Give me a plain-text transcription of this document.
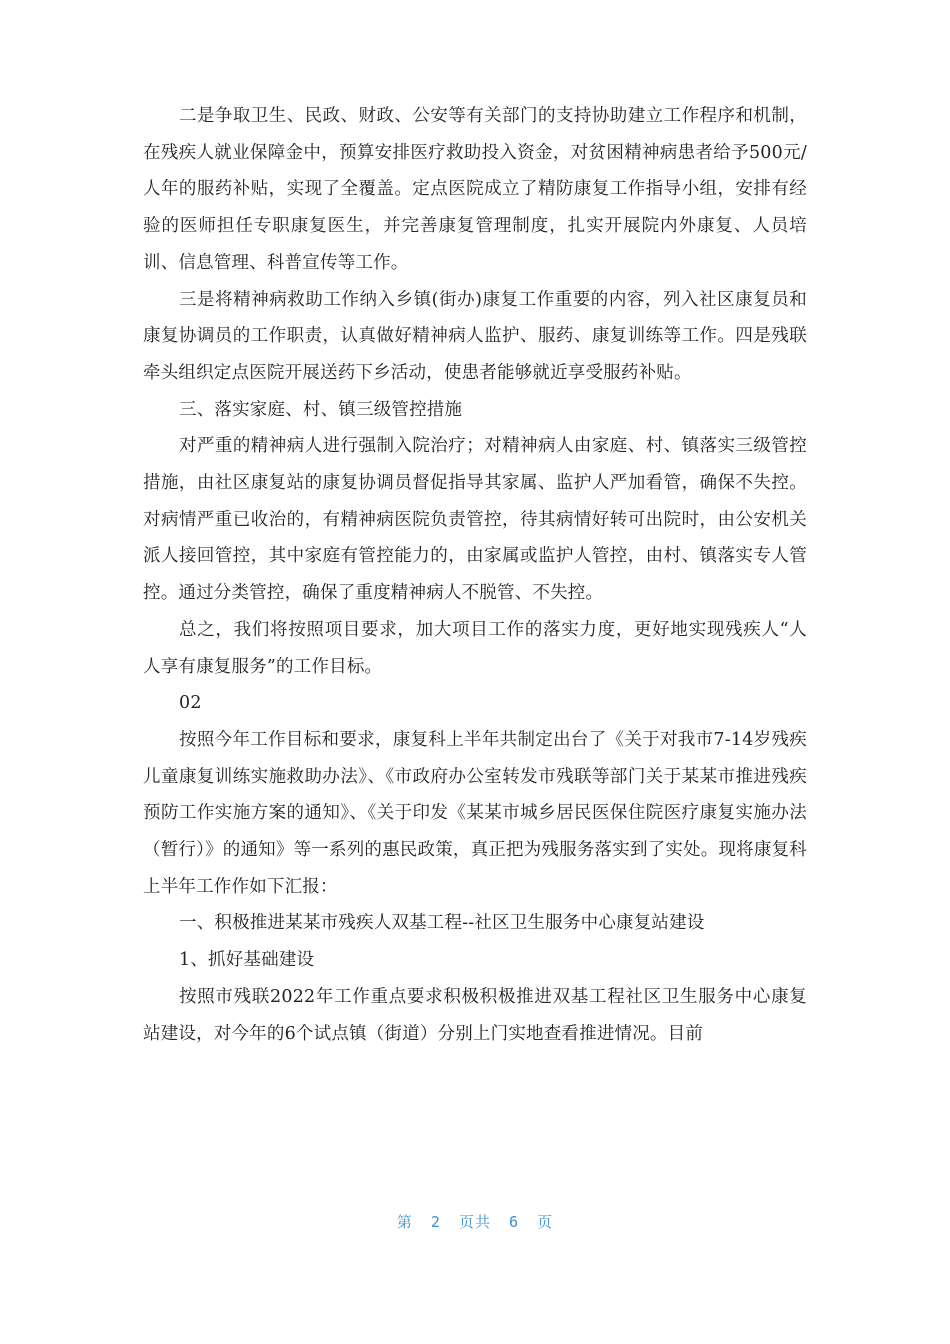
二是争取卫生、民政、财政、公安等有关部门的支持协助建立工作程序和机制，在残疾人就业保障金中，预算安排医疗救助投入资金，对贫困精神病患者给予500元/人年的服药补贴，实现了全覆盖。定点医院成立了精防康复工作指导小组，安排有经验的医师担任专职康复医生，并完善康复管理制度，扎实开展院内外康复、人员培训、信息管理、科普宣传等工作。

三是将精神病救助工作纳入乡镇(街办)康复工作重要的内容，列入社区康复员和康复协调员的工作职责，认真做好精神病人监护、服药、康复训练等工作。四是残联牵头组织定点医院开展送药下乡活动，使患者能够就近享受服药补贴。

三、落实家庭、村、镇三级管控措施

对严重的精神病人进行强制入院治疗；对精神病人由家庭、村、镇落实三级管控措施，由社区康复站的康复协调员督促指导其家属、监护人严加看管，确保不失控。对病情严重已收治的，有精神病医院负责管控，待其病情好转可出院时，由公安机关派人接回管控，其中家庭有管控能力的，由家属或监护人管控，由村、镇落实专人管控。通过分类管控，确保了重度精神病人不脱管、不失控。

总之，我们将按照项目要求，加大项目工作的落实力度，更好地实现残疾人“人人享有康复服务”的工作目标。

02

按照今年工作目标和要求，康复科上半年共制定出台了《关于对我市7-14岁残疾儿童康复训练实施救助办法》、《市政府办公室转发市残联等部门关于某某市推进残疾预防工作实施方案的通知》、《关于印发《某某市城乡居民医保住院医疗康复实施办法（暂行）》的通知》等一系列的惠民政策，真正把为残服务落实到了实处。现将康复科上半年工作作如下汇报：

一、积极推进某某市残疾人双基工程--社区卫生服务中心康复站建设

1、抓好基础建设

按照市残联2022年工作重点要求积极积极推进双基工程社区卫生服务中心康复站建设，对今年的6个试点镇（街道）分别上门实地查看推进情况。目前

第 2 页共 6 页
